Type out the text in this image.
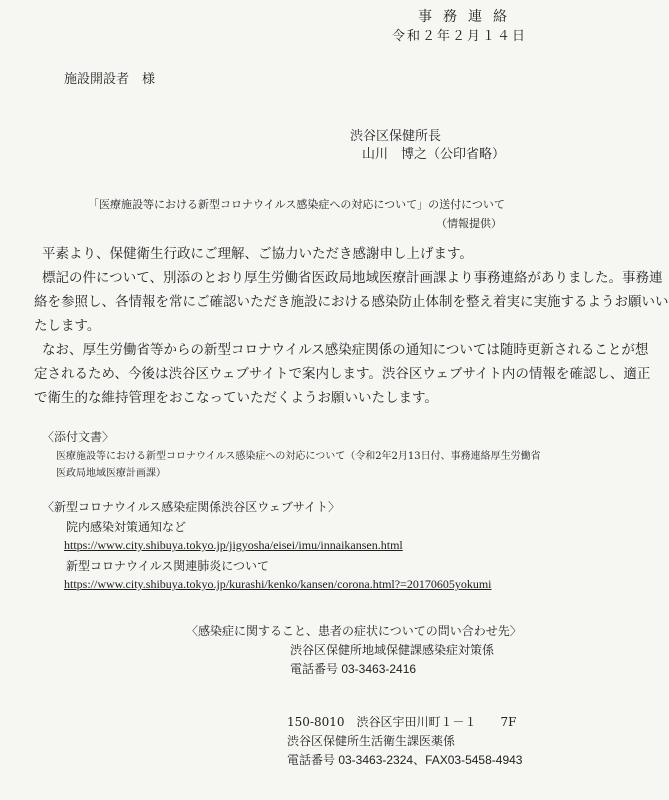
事務連絡
令和２年２月１４日
施設開設者　様
渋谷区保健所長
山川　博之（公印省略）
「医療施設等における新型コロナウイルス感染症への対応について」の送付について
（情報提供）
平素より、保健衛生行政にご理解、ご協力いただき感謝申し上げます。
標記の件について、別添のとおり厚生労働省医政局地域医療計画課より事務連絡がありました。事務連
絡を参照し、各情報を常にご確認いただき施設における感染防止体制を整え着実に実施するようお願いい
たします。
なお、厚生労働省等からの新型コロナウイルス感染症関係の通知については随時更新されることが想
定されるため、今後は渋谷区ウェブサイトで案内します。渋谷区ウェブサイト内の情報を確認し、適正
で衛生的な維持管理をおこなっていただくようお願いいたします。
〈添付文書〉
医療施設等における新型コロナウイルス感染症への対応について（令和2年2月13日付、事務連絡厚生労働省
医政局地域医療計画課）
〈新型コロナウイルス感染症関係渋谷区ウェブサイト〉
院内感染対策通知など
https://www.city.shibuya.tokyo.jp/jigyosha/eisei/imu/innaikansen.html
新型コロナウイルス関連肺炎について
https://www.city.shibuya.tokyo.jp/kurashi/kenko/kansen/corona.html?=20170605yokumi
〈感染症に関すること、患者の症状についての問い合わせ先〉
渋谷区保健所地域保健課感染症対策係
電話番号 03-3463-2416
150-8010　渋谷区宇田川町１－１　　7F
渋谷区保健所生活衛生課医薬係
電話番号 03-3463-2324、FAX03-5458-4943
